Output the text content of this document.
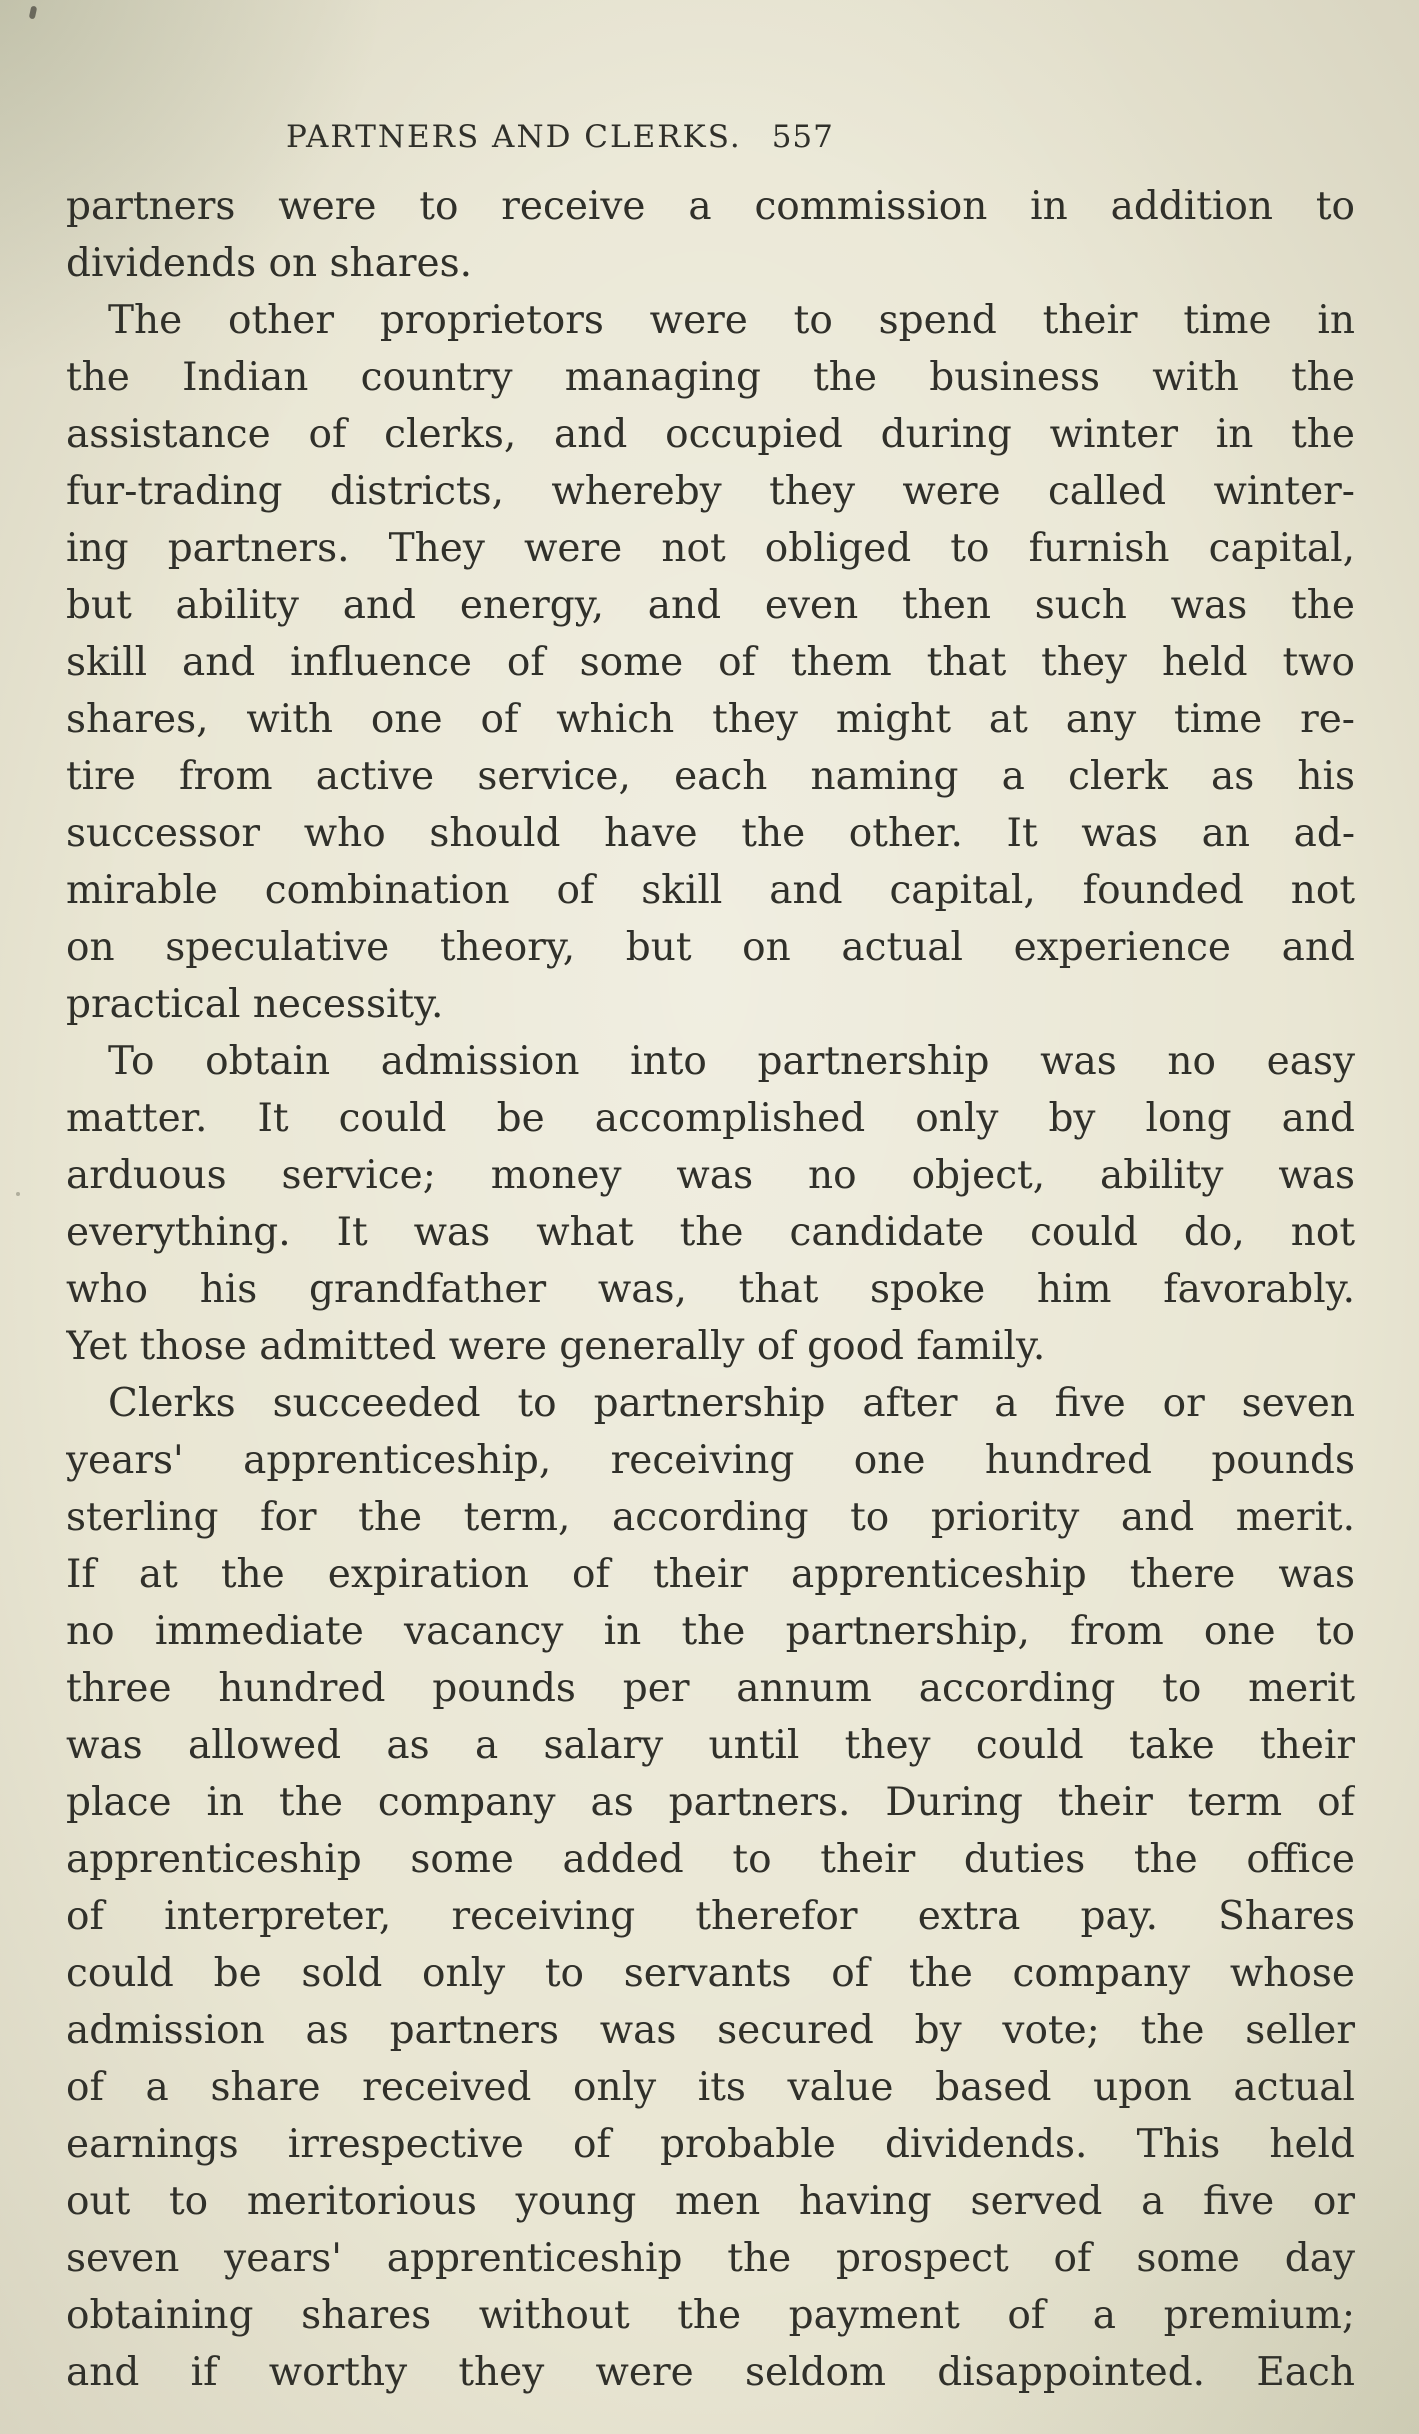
PARTNERS AND CLERKS. 557

partners were to receive a commission in addition to
dividends on shares.

The other proprietors were to spend their time in
the Indian country managing the business with the
assistance of clerks, and occupied during winter in the
fur-trading districts, whereby they were called winter-
ing partners. They were not obliged to furnish capital,
but ability and energy, and even then such was the
skill and influence of some of them that they held two
shares, with one of which they might at any time re-
tire from active service, each naming a clerk as his
successor who should have the other. It was an ad-
mirable combination of skill and capital, founded not
on speculative theory, but on actual experience and
practical necessity.

To obtain admission into partnership was no easy
matter. It could be accomplished only by long and
arduous service; money was no object, ability was
everything. It was what the candidate could do, not
who his grandfather was, that spoke him favorably.
Yet those admitted were generally of good family.

Clerks succeeded to partnership after a five or seven
years' apprenticeship, receiving one hundred pounds
sterling for the term, according to priority and merit.
If at the expiration of their apprenticeship there was
no immediate vacancy in the partnership, from one to
three hundred pounds per annum according to merit
was allowed as a salary until they could take their
place in the company as partners. During their term of
apprenticeship some added to their duties the office
of interpreter, receiving therefor extra pay. Shares
could be sold only to servants of the company whose
admission as partners was secured by vote; the seller
of a share received only its value based upon actual
earnings irrespective of probable dividends. This held
out to meritorious young men having served a five or
seven years' apprenticeship the prospect of some day
obtaining shares without the payment of a premium;
and if worthy they were seldom disappointed. Each
